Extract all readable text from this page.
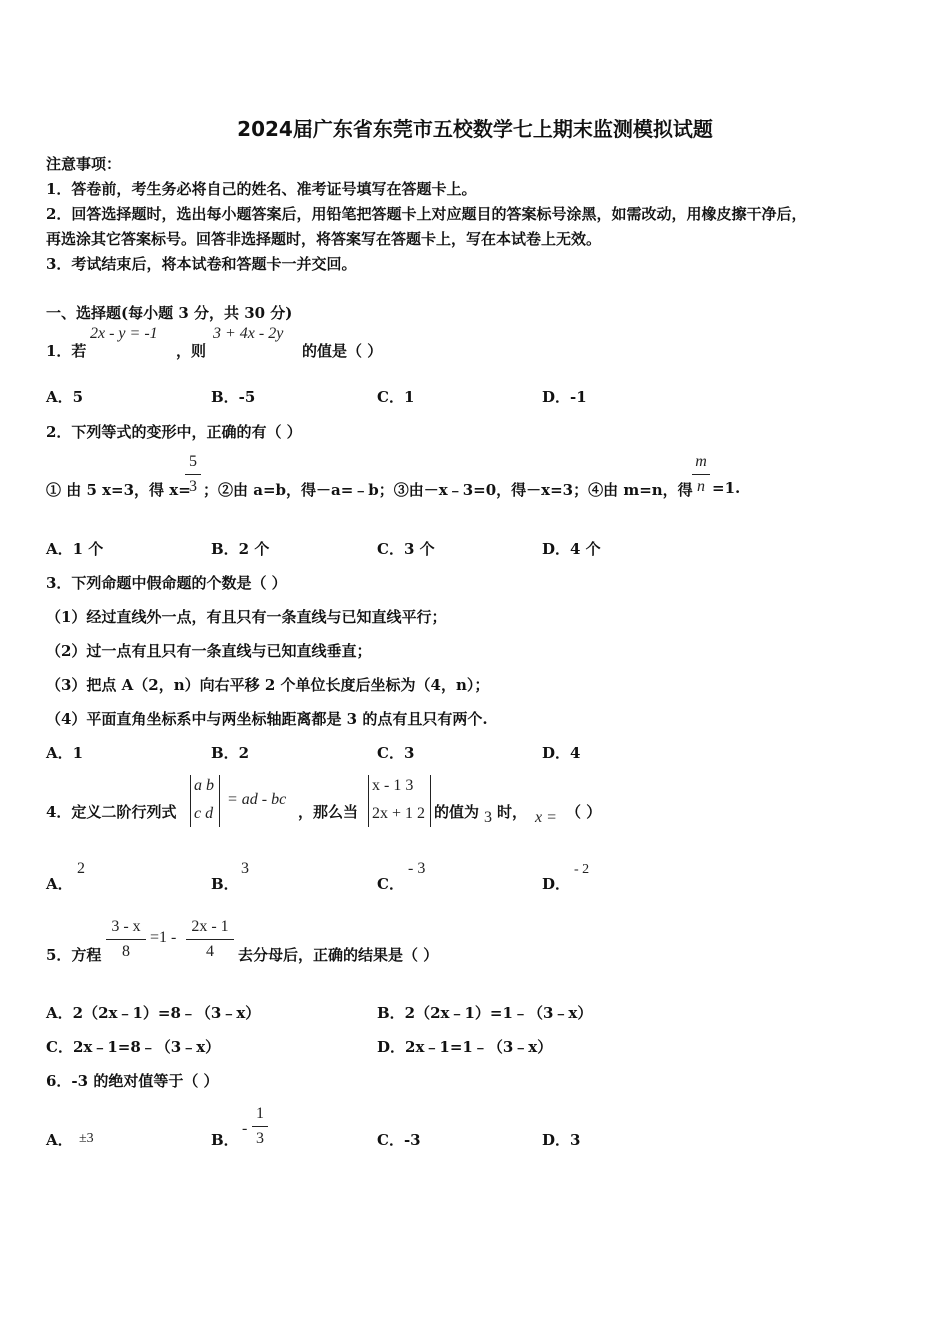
2024届广东省东莞市五校数学七上期末监测模拟试题
注意事项：
1．答卷前，考生务必将自己的姓名、准考证号填写在答题卡上。
2．回答选择题时，选出每小题答案后，用铅笔把答题卡上对应题目的答案标号涂黑，如需改动，用橡皮擦干净后，
再选涂其它答案标号。回答非选择题时，将答案写在答题卡上，写在本试卷上无效。
3．考试结束后，将本试卷和答题卡一并交回。
一、选择题(每小题 3 分，共 30 分)
1．若
2x - y = -1
，则
3 + 4x - 2y
的值是（ ）
A．5	B．-5	C．1	D．-1
2．下列等式的变形中，正确的有（ ）
① 由 5 x=3，得 x=
5
3 ；②由 a=b，得－a=﹣b；③由－x﹣3=0，得－x=3；④由 m=n，得
m
n =1.
A．1 个	B．2 个	C．3 个	D．4 个
3．下列命题中假命题的个数是（ ）
（1）经过直线外一点，有且只有一条直线与已知直线平行；
（2）过一点有且只有一条直线与已知直线垂直；
（3）把点 A（2，n）向右平移 2 个单位长度后坐标为（4，n）；
（4）平面直角坐标系中与两坐标轴距离都是 3 的点有且只有两个.
A．1	B．2	C．3	D．4
4．定义二阶行列式
a b
c d
= ad - bc
，那么当
x - 1 3
2x + 1 2 的值为 3 时， x = （ ）
A．
2
B．
3
C．
- 3
D．
- 2
5．方程
3 - x
8
=1 -
2x - 1
4	去分母后，正确的结果是（ ）
A．2（2x﹣1）=8﹣（3﹣x）	B．2（2x﹣1）=1﹣（3﹣x）
C．2x﹣1=8﹣（3﹣x）	D．2x﹣1=1﹣（3﹣x）
6．-3 的绝对值等于（ ）
A． ±3	B．
-
1
3	C．-3	D．3
